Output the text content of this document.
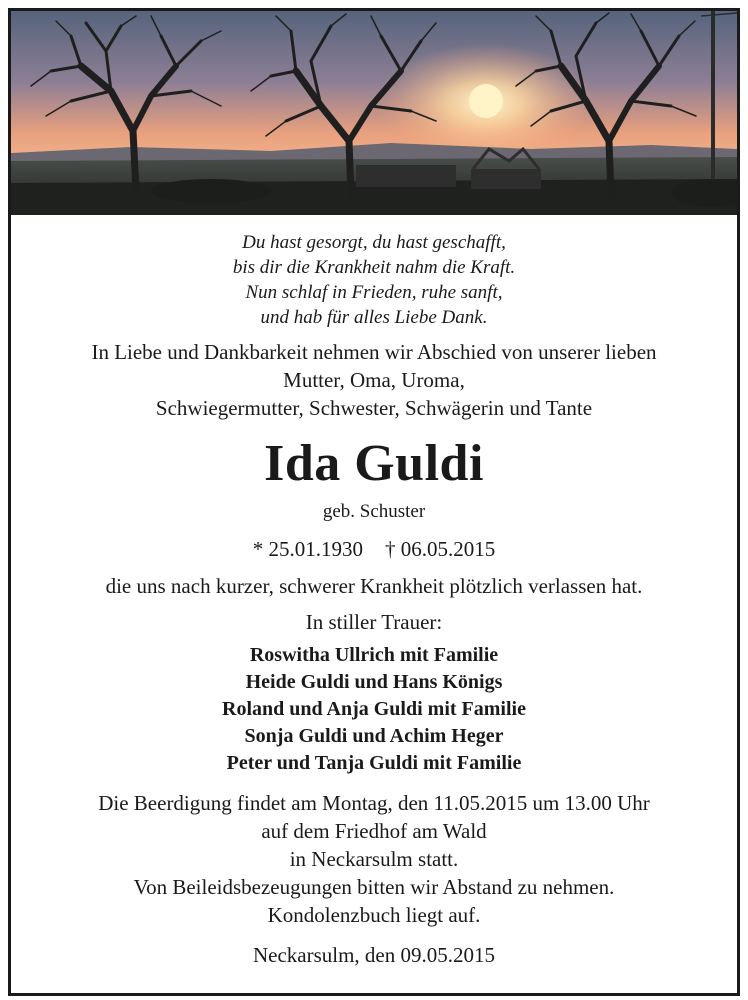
Du hast gesorgt, du hast geschafft,
bis dir die Krankheit nahm die Kraft.
Nun schlaf in Frieden, ruhe sanft,
und hab für alles Liebe Dank.
In Liebe und Dankbarkeit nehmen wir Abschied von unserer lieben
Mutter, Oma, Uroma,
Schwiegermutter, Schwester, Schwägerin und Tante
Ida Guldi
geb. Schuster
* 25.01.1930 † 06.05.2015
die uns nach kurzer, schwerer Krankheit plötzlich verlassen hat.
In stiller Trauer:
Roswitha Ullrich mit Familie
Heide Guldi und Hans Königs
Roland und Anja Guldi mit Familie
Sonja Guldi und Achim Heger
Peter und Tanja Guldi mit Familie
Die Beerdigung findet am Montag, den 11.05.2015 um 13.00 Uhr
auf dem Friedhof am Wald
in Neckarsulm statt.
Von Beileidsbezeugungen bitten wir Abstand zu nehmen.
Kondolenzbuch liegt auf.
Neckarsulm, den 09.05.2015
